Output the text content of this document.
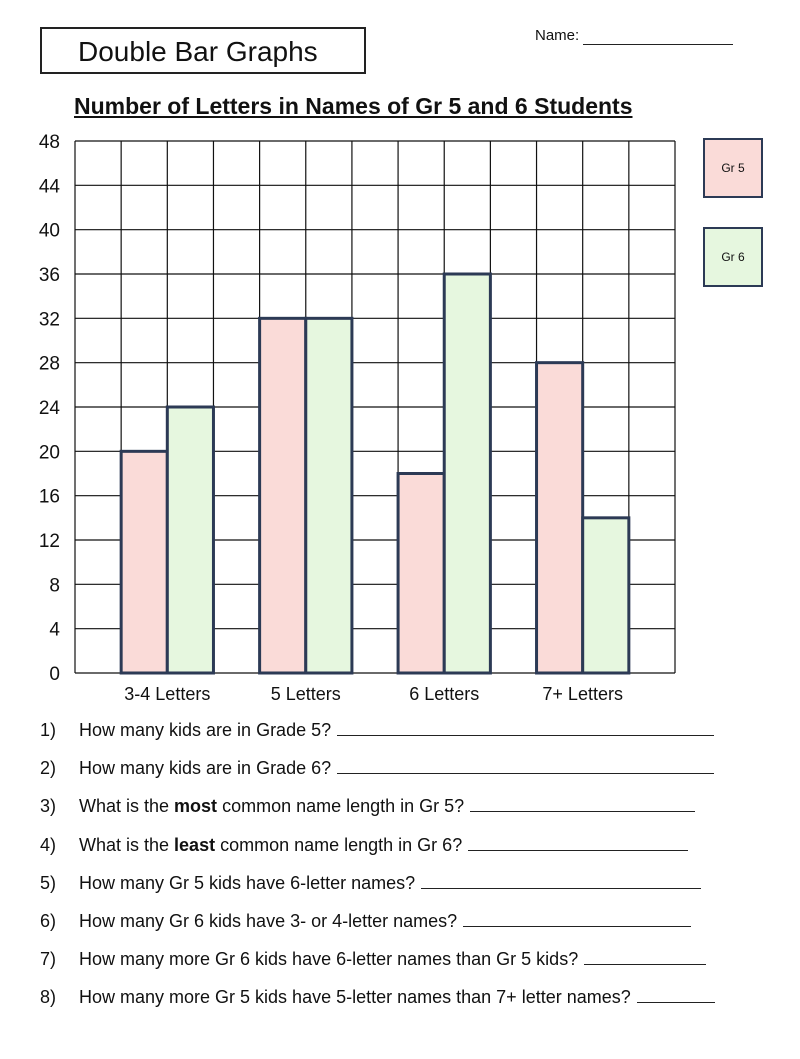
Double Bar Graphs
Name:
Number of Letters in Names of Gr 5 and 6 Students
0
4
8
12
16
20
24
28
32
36
40
44
48
3-4 Letters	5 Letters	6 Letters	7+ Letters
Gr 5
Gr 6
1) How many kids are in Grade 5?
2) How many kids are in Grade 6?
3) What is the most common name length in Gr 5?
4) What is the least common name length in Gr 6?
5) How many Gr 5 kids have 6-letter names?
6) How many Gr 6 kids have 3- or 4-letter names?
7) How many more Gr 6 kids have 6-letter names than Gr 5 kids?
8) How many more Gr 5 kids have 5-letter names than 7+ letter names?
